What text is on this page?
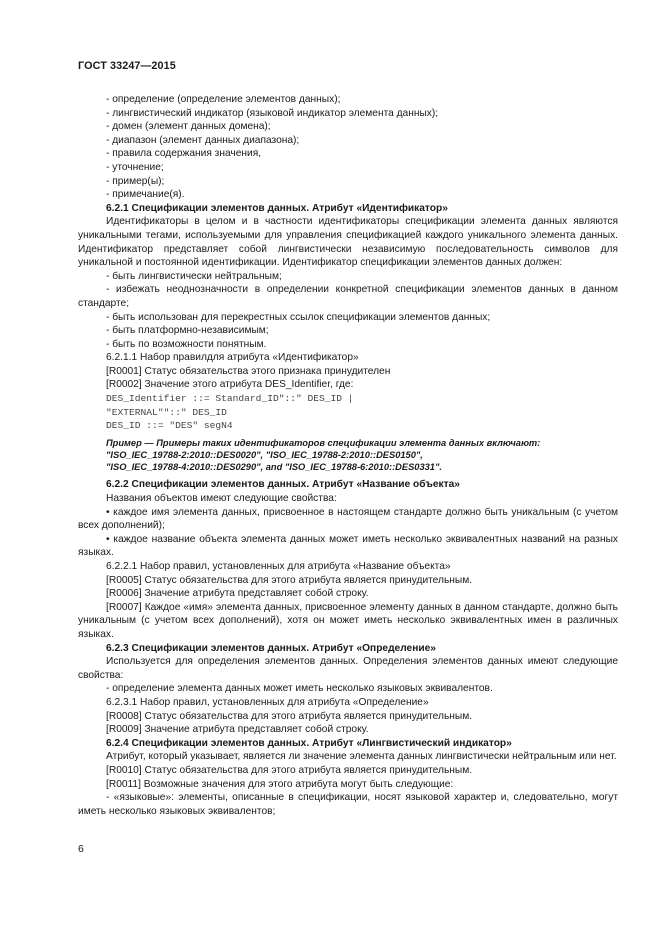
ГОСТ 33247—2015

- определение (определение элементов данных);

- лингвистический индикатор (языковой индикатор элемента данных);

- домен (элемент данных домена);

- диапазон (элемент данных диапазона);

- правила содержания значения,

- уточнение;

- пример(ы);

- примечание(я).

6.2.1 Спецификации элементов данных. Атрибут «Идентификатор»

Идентификаторы в целом и в частности идентификаторы спецификации элемента данных являются уникальными тегами, используемыми для управления спецификацией каждого уникального элемента данных. Идентификатор представляет собой лингвистически независимую последовательность символов для уникальной и постоянной идентификации. Идентификатор спецификации элементов данных должен:

- быть лингвистически нейтральным;

- избежать неоднозначности в определении конкретной спецификации элементов данных в данном стандарте;

- быть использован для перекрестных ссылок спецификации элементов данных;

- быть платформно-независимым;

- быть по возможности понятным.

6.2.1.1 Набор правилдля атрибута «Идентификатор»

[R0001] Статус обязательства этого признака принудителен

[R0002] Значение этого атрибута DES_Identifier, где:

DES_Identifier ::= Standard_ID"::" DES_ID |

"EXTERNAL""::" DES_ID

DES_ID ::= "DES" segN4

Пример — Примеры таких идентификаторов спецификации элемента данных включают:
"ISO_IEC_19788-2:2010::DES0020", "ISO_IEC_19788-2:2010::DES0150",
"ISO_IEC_19788-4:2010::DES0290", and "ISO_IEC_19788-6:2010::DES0331".

6.2.2 Спецификации элементов данных. Атрибут «Название объекта»

Названия объектов имеют следующие свойства:

• каждое имя элемента данных, присвоенное в настоящем стандарте должно быть уникальным (с учетом всех дополнений);

• каждое название объекта элемента данных может иметь несколько эквивалентных названий на разных языках.

6.2.2.1 Набор правил, установленных для атрибута «Название объекта»

[R0005] Статус обязательства для этого атрибута является принудительным.

[R0006] Значение атрибута представляет собой строку.

[R0007] Каждое «имя» элемента данных, присвоенное элементу данных в данном стандарте, должно быть уникальным (с учетом всех дополнений), хотя он может иметь несколько эквивалентных имен в различных языках.

6.2.3 Спецификации элементов данных. Атрибут «Определение»

Используется для определения элементов данных. Определения элементов данных имеют следующие свойства:

- определение элемента данных может иметь несколько языковых эквивалентов.

6.2.3.1 Набор правил, установленных для атрибута «Определение»

[R0008] Статус обязательства для этого атрибута является принудительным.

[R0009] Значение атрибута представляет собой строку.

6.2.4 Спецификации элементов данных. Атрибут «Лингвистический индикатор»

Атрибут, который указывает, является ли значение элемента данных лингвистически нейтральным или нет.

[R0010] Статус обязательства для этого атрибута является принудительным.

[R0011] Возможные значения для этого атрибута могут быть следующие:

- «языковые»: элементы, описанные в спецификации, носят языковой характер и, следовательно, могут иметь несколько языковых эквивалентов;

6
